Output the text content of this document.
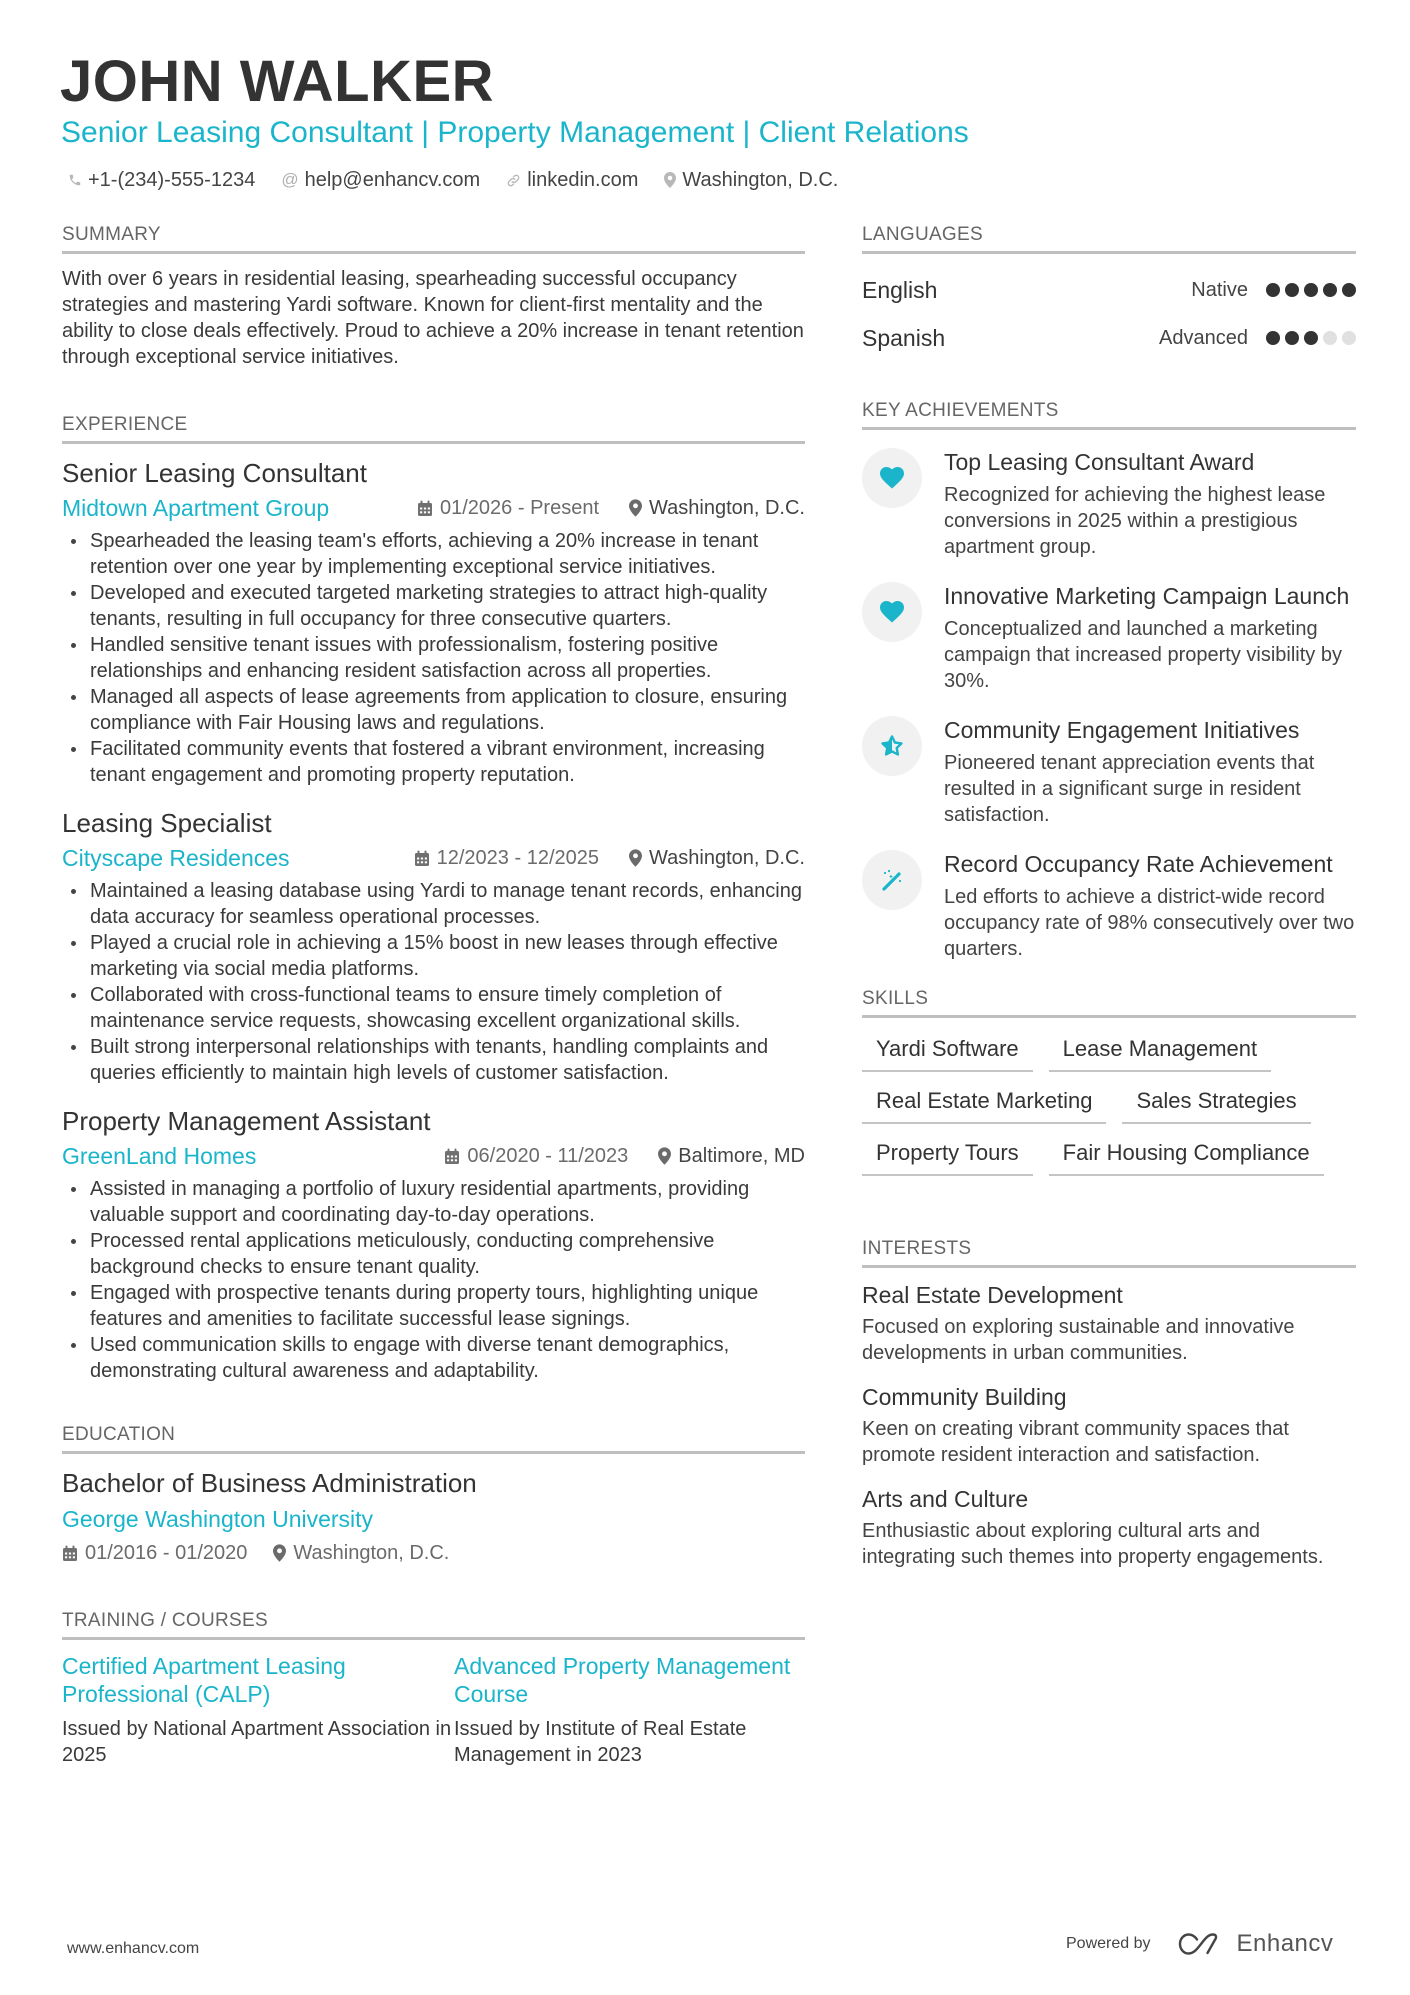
JOHN WALKER
Senior Leasing Consultant | Property Management | Client Relations
+1-(234)-555-1234 @ help@enhancv.com linkedin.com Washington, D.C.
SUMMARY
With over 6 years in residential leasing, spearheading successful occupancy strategies and mastering Yardi software. Known for client-first mentality and the ability to close deals effectively. Proud to achieve a 20% increase in tenant retention through exceptional service initiatives.
EXPERIENCE
Senior Leasing Consultant
Midtown Apartment Group	01/2026 - Present	Washington, D.C.
Spearheaded the leasing team's efforts, achieving a 20% increase in tenant retention over one year by implementing exceptional service initiatives.
Developed and executed targeted marketing strategies to attract high-quality tenants, resulting in full occupancy for three consecutive quarters.
Handled sensitive tenant issues with professionalism, fostering positive relationships and enhancing resident satisfaction across all properties.
Managed all aspects of lease agreements from application to closure, ensuring compliance with Fair Housing laws and regulations.
Facilitated community events that fostered a vibrant environment, increasing tenant engagement and promoting property reputation.
Leasing Specialist
Cityscape Residences	12/2023 - 12/2025	Washington, D.C.
Maintained a leasing database using Yardi to manage tenant records, enhancing data accuracy for seamless operational processes.
Played a crucial role in achieving a 15% boost in new leases through effective marketing via social media platforms.
Collaborated with cross-functional teams to ensure timely completion of maintenance service requests, showcasing excellent organizational skills.
Built strong interpersonal relationships with tenants, handling complaints and queries efficiently to maintain high levels of customer satisfaction.
Property Management Assistant
GreenLand Homes	06/2020 - 11/2023	Baltimore, MD
Assisted in managing a portfolio of luxury residential apartments, providing valuable support and coordinating day-to-day operations.
Processed rental applications meticulously, conducting comprehensive background checks to ensure tenant quality.
Engaged with prospective tenants during property tours, highlighting unique features and amenities to facilitate successful lease signings.
Used communication skills to engage with diverse tenant demographics, demonstrating cultural awareness and adaptability.
EDUCATION
Bachelor of Business Administration
George Washington University
01/2016 - 01/2020 Washington, D.C.
TRAINING / COURSES
Certified Apartment Leasing Professional (CALP)
Issued by National Apartment Association in 2025
Advanced Property Management Course
Issued by Institute of Real Estate Management in 2023
LANGUAGES
English	Native
Spanish	Advanced
KEY ACHIEVEMENTS
Top Leasing Consultant Award
Recognized for achieving the highest lease conversions in 2025 within a prestigious apartment group.
Innovative Marketing Campaign Launch
Conceptualized and launched a marketing campaign that increased property visibility by 30%.
Community Engagement Initiatives
Pioneered tenant appreciation events that resulted in a significant surge in resident satisfaction.
Record Occupancy Rate Achievement
Led efforts to achieve a district-wide record occupancy rate of 98% consecutively over two quarters.
SKILLS
Yardi Software	Lease Management
Real Estate Marketing	Sales Strategies
Property Tours	Fair Housing Compliance
INTERESTS
Real Estate Development
Focused on exploring sustainable and innovative developments in urban communities.
Community Building
Keen on creating vibrant community spaces that promote resident interaction and satisfaction.
Arts and Culture
Enthusiastic about exploring cultural arts and integrating such themes into property engagements.
www.enhancv.com	Powered by	Enhancv
